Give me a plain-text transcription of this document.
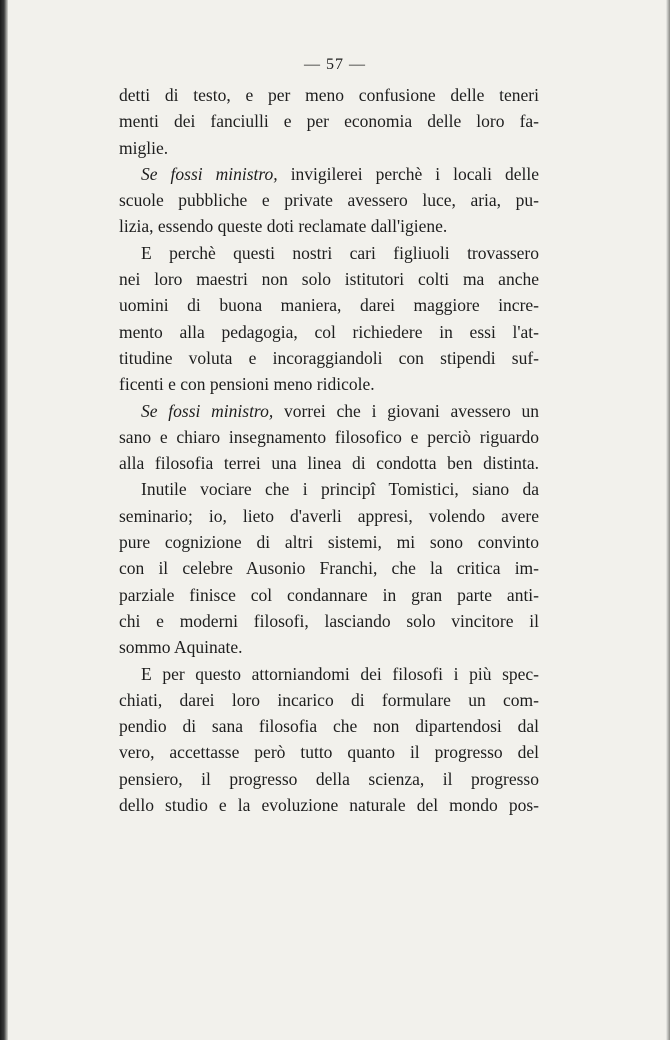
— 57 —
detti di testo, e per meno confusione delle teneri
menti dei fanciulli e per economia delle loro fa-
miglie.
Se fossi ministro, invigilerei perchè i locali delle
scuole pubbliche e private avessero luce, aria, pu-
lizia, essendo queste doti reclamate dall'igiene.
E perchè questi nostri cari figliuoli trovassero
nei loro maestri non solo istitutori colti ma anche
uomini di buona maniera, darei maggiore incre-
mento alla pedagogia, col richiedere in essi l'at-
titudine voluta e incoraggiandoli con stipendi suf-
ficenti e con pensioni meno ridicole.
Se fossi ministro, vorrei che i giovani avessero un
sano e chiaro insegnamento filosofico e perciò riguardo
alla filosofia terrei una linea di condotta ben distinta.
Inutile vociare che i principî Tomistici, siano da
seminario; io, lieto d'averli appresi, volendo avere
pure cognizione di altri sistemi, mi sono convinto
con il celebre Ausonio Franchi, che la critica im-
parziale finisce col condannare in gran parte anti-
chi e moderni filosofi, lasciando solo vincitore il
sommo Aquinate.
E per questo attorniandomi dei filosofi i più spec-
chiati, darei loro incarico di formulare un com-
pendio di sana filosofia che non dipartendosi dal
vero, accettasse però tutto quanto il progresso del
pensiero, il progresso della scienza, il progresso
dello studio e la evoluzione naturale del mondo pos-
